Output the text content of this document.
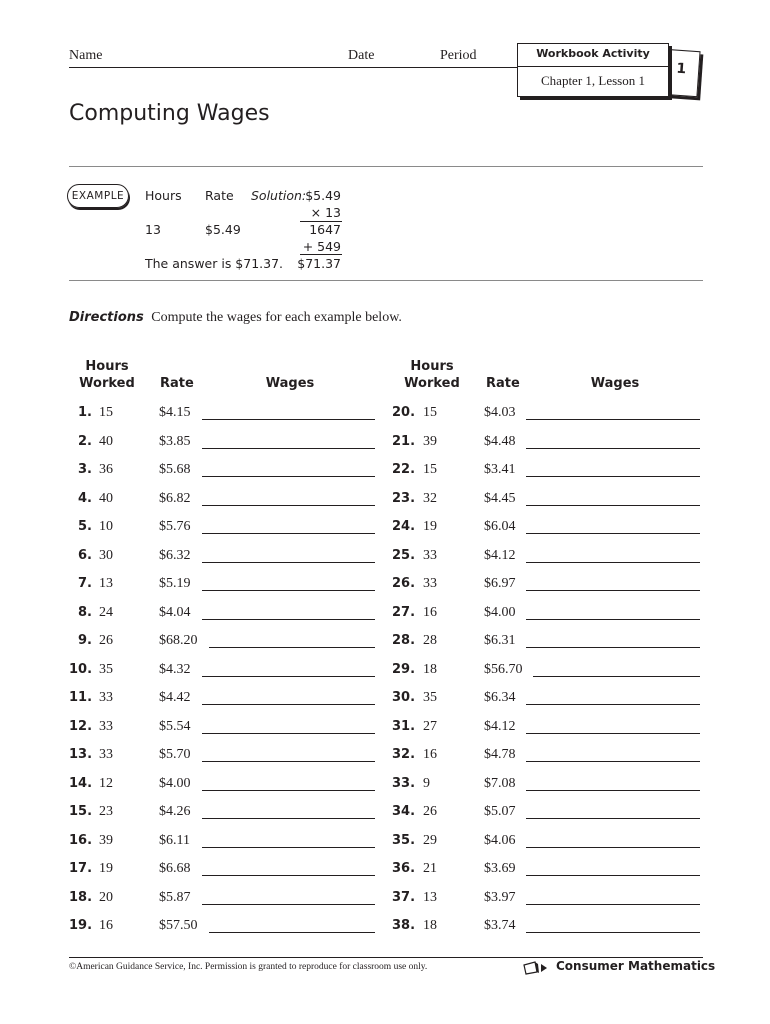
Name	Date	Period
1
Workbook Activity
Chapter 1, Lesson 1
Computing Wages
EXAMPLE	Hours Rate Solution: $5.49
× 13
13	$5.49	1647
+ 549
The answer is $71.37.	$71.37
Directions Compute the wages for each example below.
Hours
Worked	Rate	Wages
Hours
Worked	Rate	Wages
1. 15	$4.15
2. 40	$3.85
3. 36	$5.68
4. 40	$6.82
5. 10	$5.76
6. 30	$6.32
7. 13	$5.19
8. 24	$4.04
9. 26	$68.20
10. 35	$4.32
11. 33	$4.42
12. 33	$5.54
13. 33	$5.70
14. 12	$4.00
15. 23	$4.26
16. 39	$6.11
17. 19	$6.68
18. 20	$5.87
19. 16	$57.50
20. 15	$4.03
21. 39	$4.48
22. 15	$3.41
23. 32	$4.45
24. 19	$6.04
25. 33	$4.12
26. 33	$6.97
27. 16	$4.00
28. 28	$6.31
29. 18	$56.70
30. 35	$6.34
31. 27	$4.12
32. 16	$4.78
33. 9	$7.08
34. 26	$5.07
35. 29	$4.06
36. 21	$3.69
37. 13	$3.97
38. 18	$3.74
©American Guidance Service, Inc. Permission is granted to reproduce for classroom use only.	Consumer Mathematics
